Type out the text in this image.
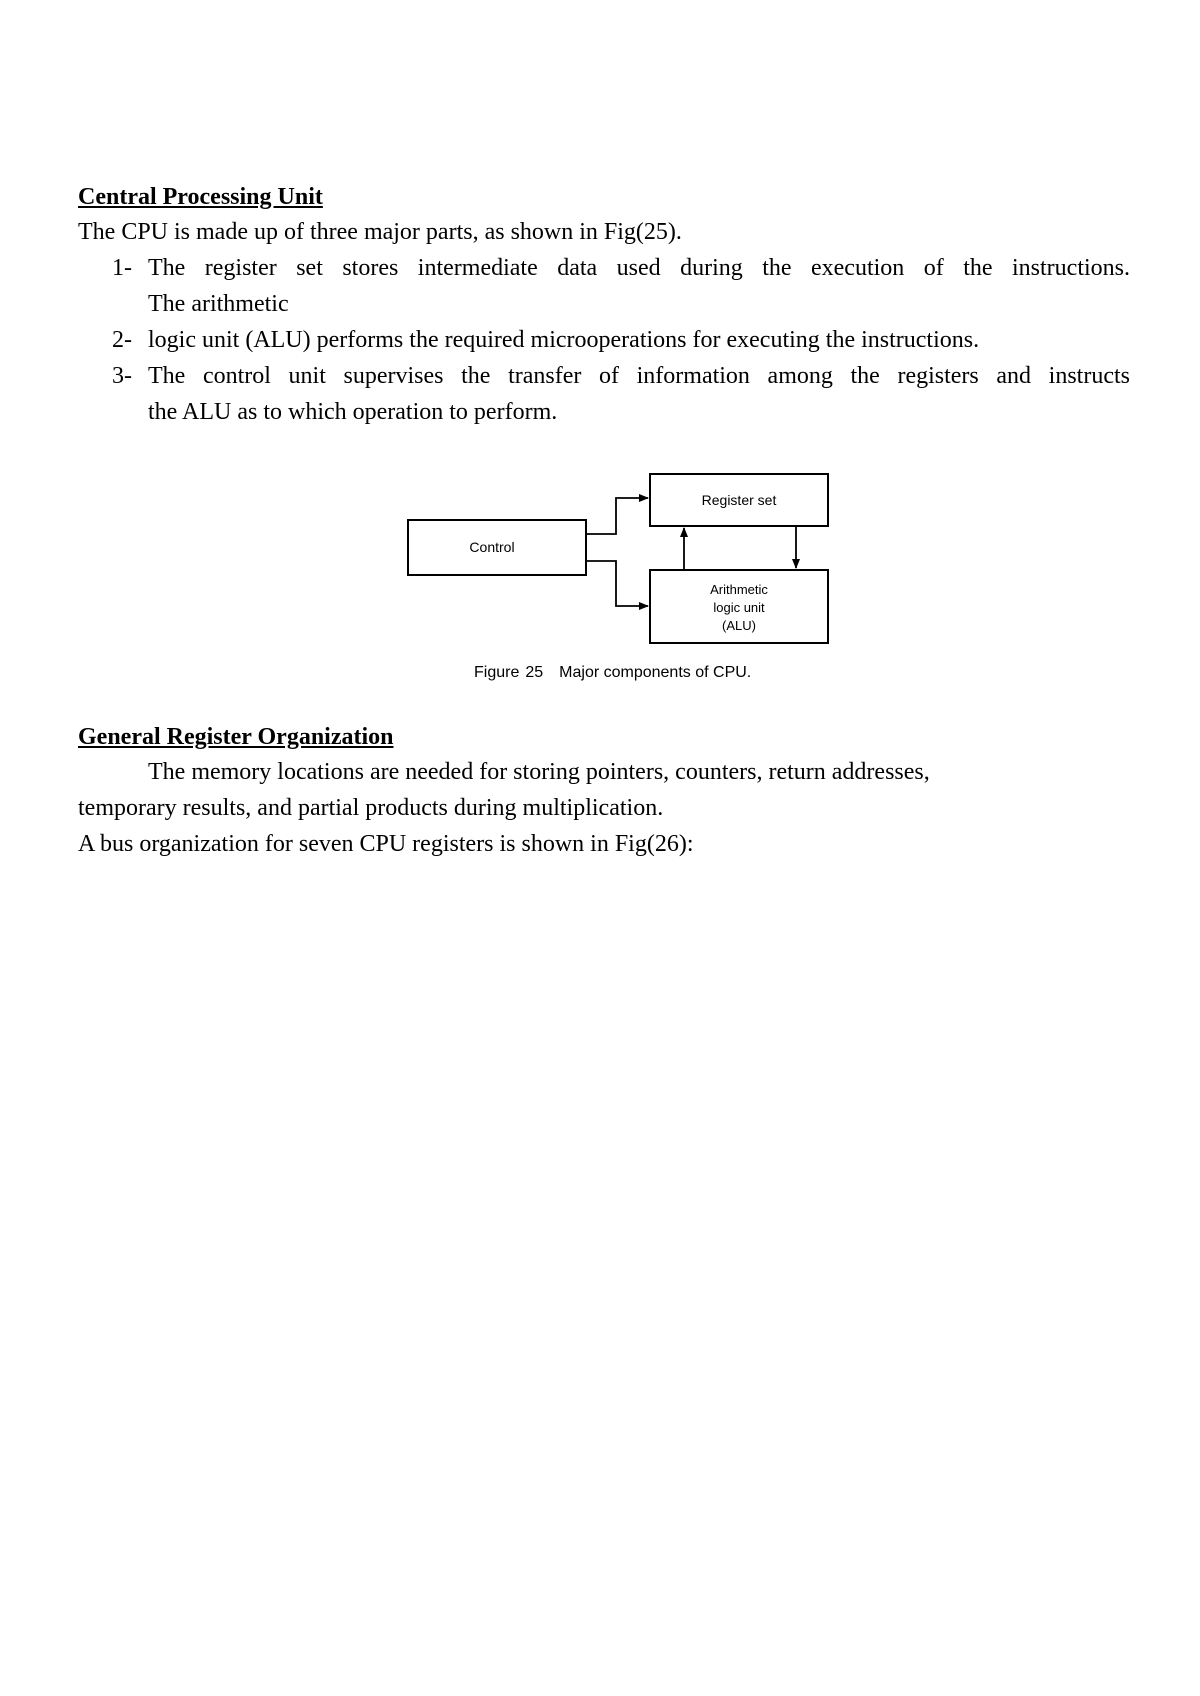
Central Processing Unit

The CPU is made up of three major parts, as shown in Fig(25).

1- The register set stores intermediate data used during the execution of the instructions.

The arithmetic

2- logic unit (ALU) performs the required microoperations for executing the instructions.
3- The control unit supervises the transfer of information among the registers and instructs

the ALU as to which operation to perform.

Control
Register set
Arithmetic
logic unit
(ALU)
Figure 25 Major components of CPU.
General Register Organization

The memory locations are needed for storing pointers, counters, return addresses,

temporary results, and partial products during multiplication.

A bus organization for seven CPU registers is shown in Fig(26):
